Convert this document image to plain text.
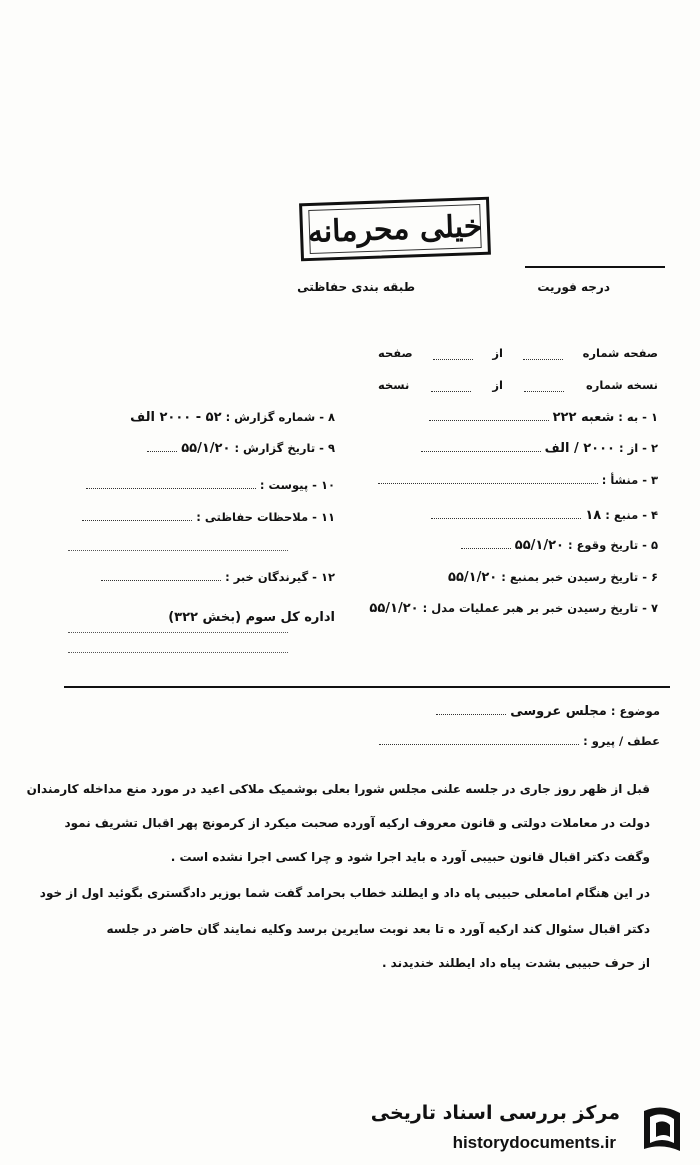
خیلی محرمانه
درجه فوریت
طبقه بندی حفاظتی
صفحه شماره
از
صفحه
نسخه شماره
از
نسخه
۱ - به : شعبه ۲۲۲
۲ - از : ۲۰۰۰ / الف
۳ - منشأ :
۴ - منبع : ۱۸
۵ - تاریخ وقوع : ۵۵/۱/۲۰
۶ - تاریخ رسیدن خبر بمنبع : ۵۵/۱/۲۰
۷ - تاریخ رسیدن خبر بر هبر عملیات مدل : ۵۵/۱/۲۰
۸ - شماره گزارش : ۵۲ - ۲۰۰۰ الف
۹ - تاریخ گزارش : ۵۵/۱/۲۰
۱۰ - پیوست :
۱۱ - ملاحظات حفاظتی :
۱۲ - گیرندگان خبر :
اداره کل سوم (بخش ۳۲۲)
موضوع : مجلس عروسی
عطف / پیرو :
قبل از ظهر روز جاری در جلسه علنی مجلس شورا بعلی بوشمیک ملاکی اعید در مورد منع مداخله کارمندان
دولت در معاملات دولتی و قانون معروف ارکیه آورده صحبت میکرد از کرمونچ پهر اقبال تشریف نمود
وگفت دکتر اقبال قانون حبیبی آورد ه باید اجرا شود و چرا کسی اجرا نشده است .
در این هنگام امامعلی حبیبی پاه داد و ایطلند خطاب بحرامد گفت شما بوزیر دادگستری بگوئید اول از خود
دکتر اقبال سئوال کند ارکیه آورد ه تا بعد نوبت سایرین برسد وکلیه نمایند گان حاضر در جلسه
از حرف حبیبی بشدت پیاه داد ایطلند خندیدند .
مرکز بررسی اسناد تاریخی
historydocuments.ir
